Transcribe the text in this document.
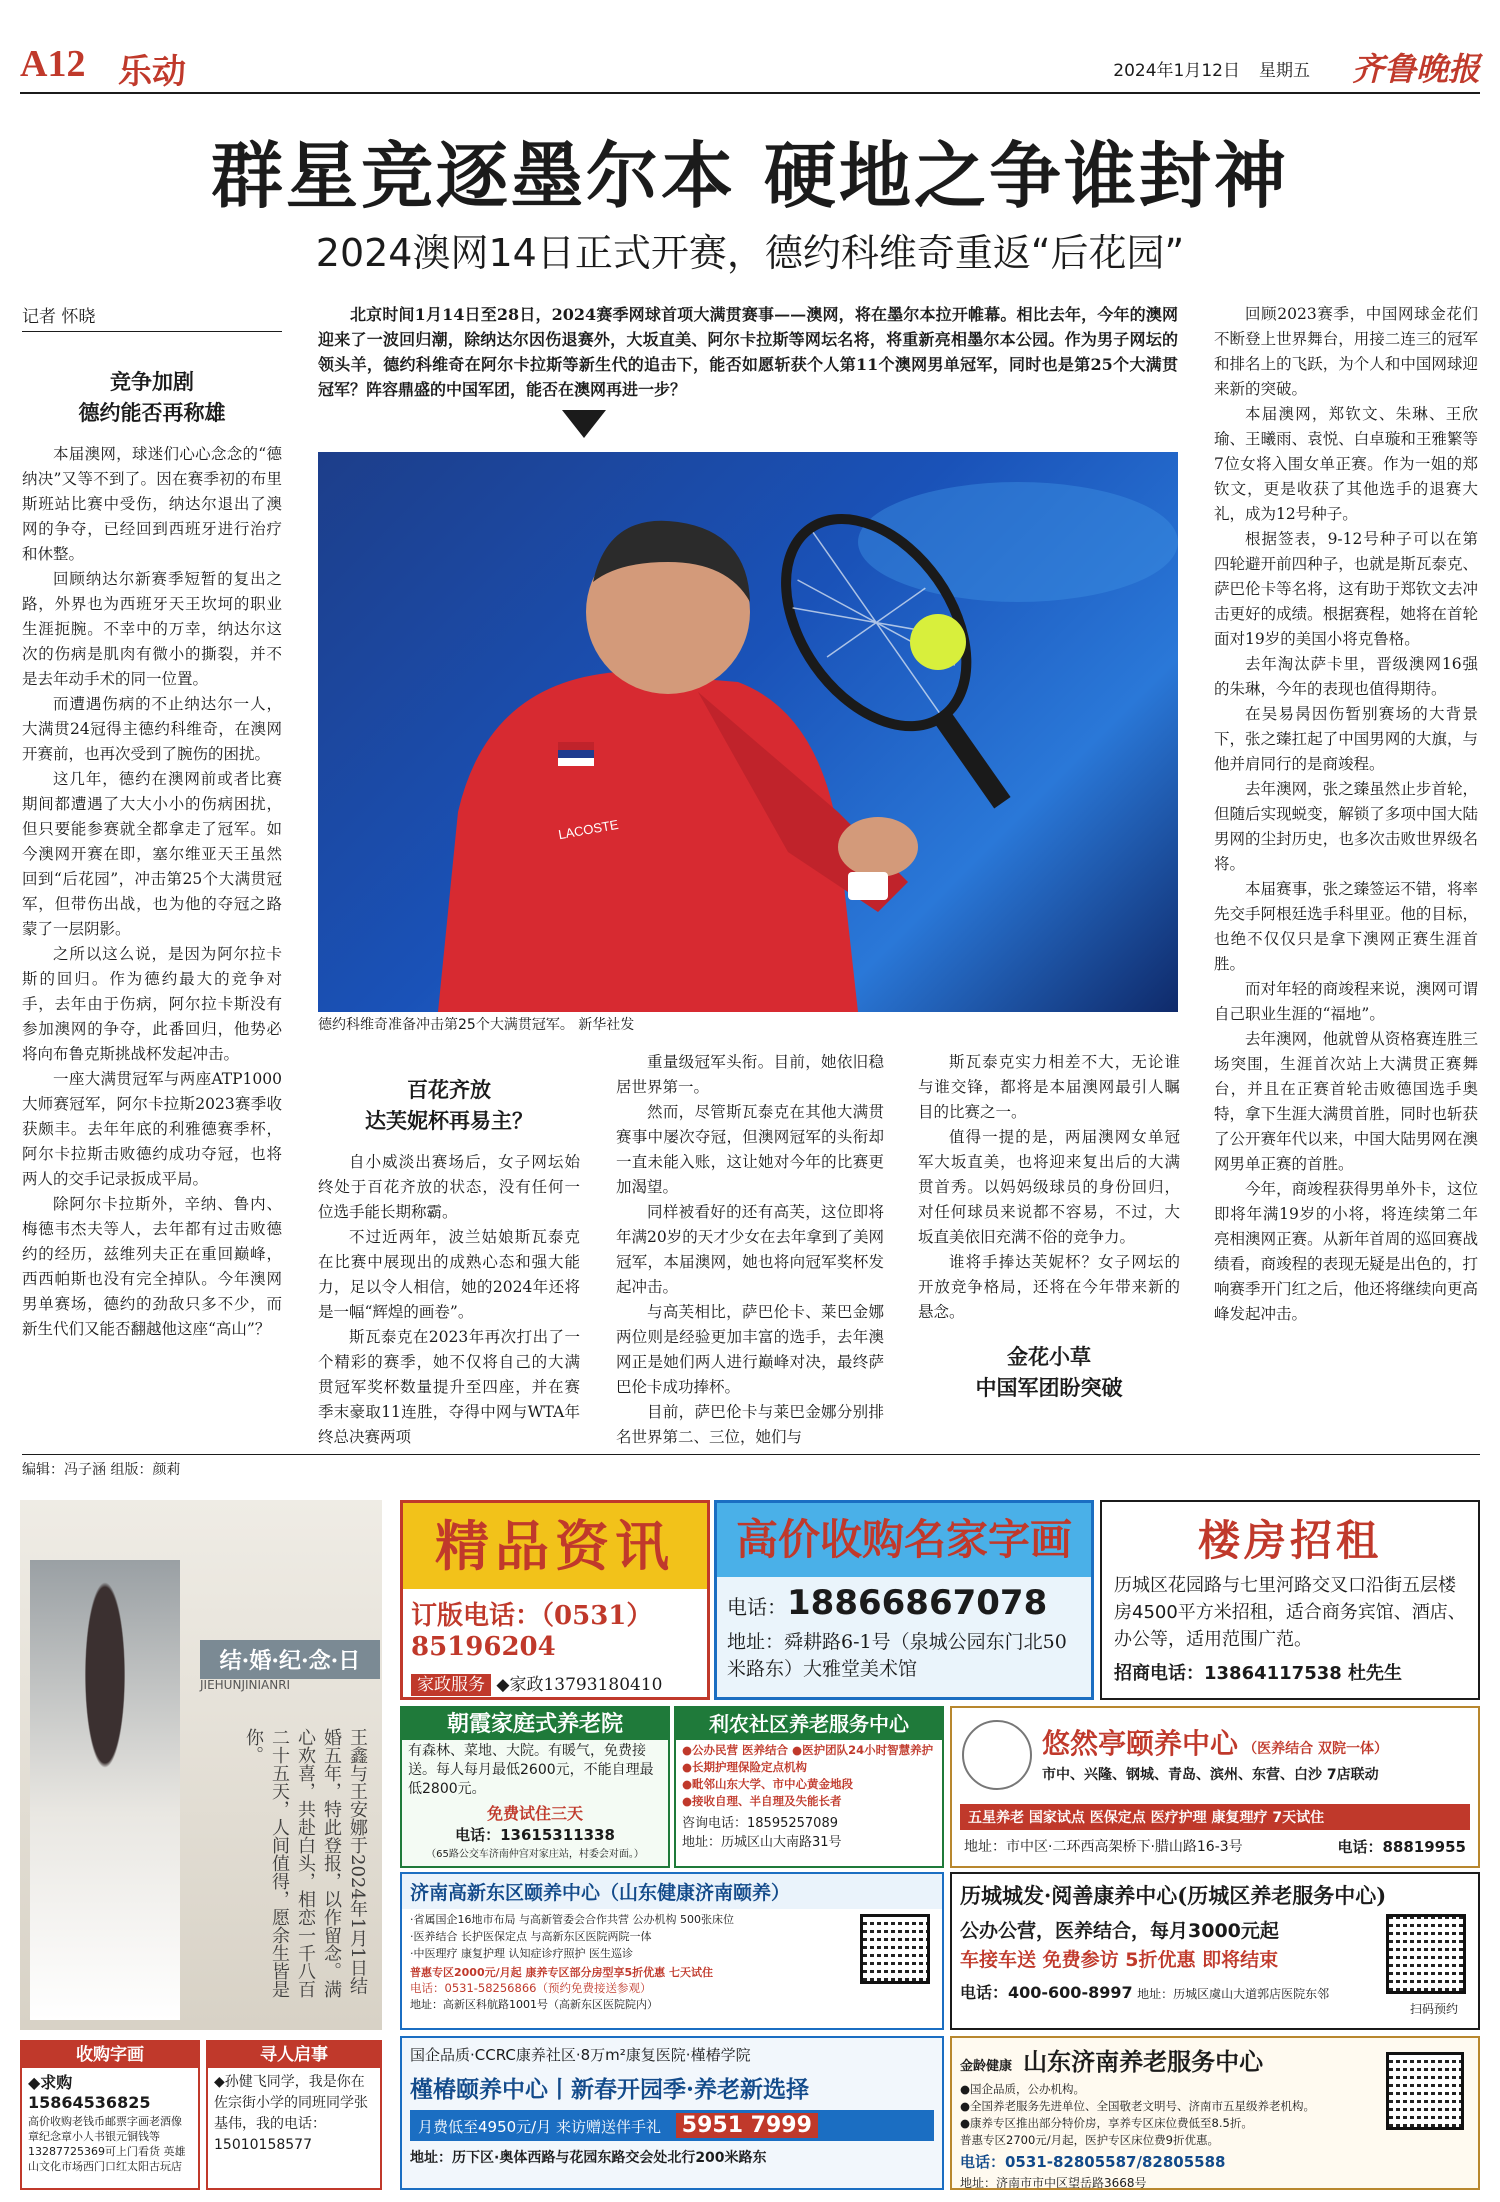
A12 乐动	2024年1月12日 星期五 齐鲁晚报
群星竞逐墨尔本 硬地之争谁封神
2024澳网14日正式开赛，德约科维奇重返“后花园”
记者 怀晓
竞争加剧
德约能否再称雄

本届澳网，球迷们心心念念的“德纳决”又等不到了。因在赛季初的布里斯班站比赛中受伤，纳达尔退出了澳网的争夺，已经回到西班牙进行治疗和休整。

回顾纳达尔新赛季短暂的复出之路，外界也为西班牙天王坎坷的职业生涯扼腕。不幸中的万幸，纳达尔这次的伤病是肌肉有微小的撕裂，并不是去年动手术的同一位置。

而遭遇伤病的不止纳达尔一人，大满贯24冠得主德约科维奇，在澳网开赛前，也再次受到了腕伤的困扰。

这几年，德约在澳网前或者比赛期间都遭遇了大大小小的伤病困扰，但只要能参赛就全都拿走了冠军。如今澳网开赛在即，塞尔维亚天王虽然回到“后花园”，冲击第25个大满贯冠军，但带伤出战，也为他的夺冠之路蒙了一层阴影。

之所以这么说，是因为阿尔拉卡斯的回归。作为德约最大的竞争对手，去年由于伤病，阿尔拉卡斯没有参加澳网的争夺，此番回归，他势必将向布鲁克斯挑战杯发起冲击。

一座大满贯冠军与两座ATP1000大师赛冠军，阿尔卡拉斯2023赛季收获颇丰。去年年底的利雅德赛季杯，阿尔卡拉斯击败德约成功夺冠，也将两人的交手记录扳成平局。

除阿尔卡拉斯外，辛纳、鲁内、梅德韦杰夫等人，去年都有过击败德约的经历，兹维列夫正在重回巅峰，西西帕斯也没有完全掉队。今年澳网男单赛场，德约的劲敌只多不少，而新生代们又能否翻越他这座“高山”？

北京时间1月14日至28日，2024赛季网球首项大满贯赛事——澳网，将在墨尔本拉开帷幕。相比去年，今年的澳网迎来了一波回归潮，除纳达尔因伤退赛外，大坂直美、阿尔卡拉斯等网坛名将，将重新亮相墨尔本公园。作为男子网坛的领头羊，德约科维奇在阿尔卡拉斯等新生代的追击下，能否如愿斩获个人第11个澳网男单冠军，同时也是第25个大满贯冠军？阵容鼎盛的中国军团，能否在澳网再进一步？

LACOSTE
德约科维奇准备冲击第25个大满贯冠军。 新华社发
百花齐放
达芙妮杯再易主？

自小威淡出赛场后，女子网坛始终处于百花齐放的状态，没有任何一位选手能长期称霸。

不过近两年，波兰姑娘斯瓦泰克在比赛中展现出的成熟心态和强大能力，足以令人相信，她的2024年还将是一幅“辉煌的画卷”。

斯瓦泰克在2023年再次打出了一个精彩的赛季，她不仅将自己的大满贯冠军奖杯数量提升至四座，并在赛季末豪取11连胜，夺得中网与WTA年终总决赛两项

重量级冠军头衔。目前，她依旧稳居世界第一。

然而，尽管斯瓦泰克在其他大满贯赛事中屡次夺冠，但澳网冠军的头衔却一直未能入账，这让她对今年的比赛更加渴望。

同样被看好的还有高芙，这位即将年满20岁的天才少女在去年拿到了美网冠军，本届澳网，她也将向冠军奖杯发起冲击。

与高芙相比，萨巴伦卡、莱巴金娜两位则是经验更加丰富的选手，去年澳网正是她们两人进行巅峰对决，最终萨巴伦卡成功捧杯。

目前，萨巴伦卡与莱巴金娜分别排名世界第二、三位，她们与

斯瓦泰克实力相差不大，无论谁与谁交锋，都将是本届澳网最引人瞩目的比赛之一。

值得一提的是，两届澳网女单冠军大坂直美，也将迎来复出后的大满贯首秀。以妈妈级球员的身份回归，对任何球员来说都不容易，不过，大坂直美依旧充满不俗的竞争力。

谁将手捧达芙妮杯？女子网坛的开放竞争格局，还将在今年带来新的悬念。

金花小草
中国军团盼突破

回顾2023赛季，中国网球金花们不断登上世界舞台，用接二连三的冠军和排名上的飞跃，为个人和中国网球迎来新的突破。

本届澳网，郑钦文、朱琳、王欣瑜、王曦雨、袁悦、白卓璇和王雅繁等7位女将入围女单正赛。作为一姐的郑钦文，更是收获了其他选手的退赛大礼，成为12号种子。

根据签表，9-12号种子可以在第四轮避开前四种子，也就是斯瓦泰克、萨巴伦卡等名将，这有助于郑钦文去冲击更好的成绩。根据赛程，她将在首轮面对19岁的美国小将克鲁格。

去年淘汰萨卡里，晋级澳网16强的朱琳，今年的表现也值得期待。

在吴易昺因伤暂别赛场的大背景下，张之臻扛起了中国男网的大旗，与他并肩同行的是商竣程。

去年澳网，张之臻虽然止步首轮，但随后实现蜕变，解锁了多项中国大陆男网的尘封历史，也多次击败世界级名将。

本届赛事，张之臻签运不错，将率先交手阿根廷选手科里亚。他的目标，也绝不仅仅只是拿下澳网正赛生涯首胜。

而对年轻的商竣程来说，澳网可谓自己职业生涯的“福地”。

去年澳网，他就曾从资格赛连胜三场突围，生涯首次站上大满贯正赛舞台，并且在正赛首轮击败德国选手奥特，拿下生涯大满贯首胜，同时也斩获了公开赛年代以来，中国大陆男网在澳网男单正赛的首胜。

今年，商竣程获得男单外卡，这位即将年满19岁的小将，将连续第二年亮相澳网正赛。从新年首周的巡回赛战绩看，商竣程的表现无疑是出色的，打响赛季开门红之后，他还将继续向更高峰发起冲击。

编辑：冯子涵 组版：颜莉
结·婚·纪·念·日
JIEHUNJINIANRI
王鑫与王安娜于2024年1月1日结婚五年，特此登报，以作留念。满心欢喜，共赴白头，相恋一千八百二十五天，人间值得，愿余生皆是你。
精品资讯
订版电话：（0531）85196204
家政服务 ◆家政13793180410
高价收购名家字画
电话：18866867078
地址：舜耕路6-1号（泉城公园东门北50米路东）大雅堂美术馆
楼房招租
历城区花园路与七里河路交叉口沿街五层楼房4500平方米招租，适合商务宾馆、酒店、办公等，适用范围广范。
招商电话：13864117538 杜先生
朝霞家庭式养老院
有森林、菜地、大院。有暖气，免费接送。每人每月最低2600元，不能自理最低2800元。
免费试住三天
电话：13615311338
（65路公交车济南仲宫对家庄站，村委会对面。）
利农社区养老服务中心
●公办民营 医养结合 ●医护团队24小时智慧养护 ●长期护理保险定点机构
●毗邻山东大学、市中心黄金地段
●接收自理、半自理及失能长者
咨询电话：18595257089
地址：历城区山大南路31号
悠然亭颐养中心 （医养结合 双院一体）
市中、兴隆、钢城、青岛、滨州、东营、白沙 7店联动
五星养老 国家试点 医保定点 医疗护理 康复理疗 7天试住
地址：市中区·二环西高架桥下·腊山路16-3号	电话：88819955
济南高新东区颐养中心（山东健康济南颐养）
·省属国企16地市布局 与高新管委会合作共营 公办机构 500张床位
·医养结合 长护医保定点 与高新东区医院两院一体
·中医理疗 康复护理 认知症诊疗照护 医生巡诊
普惠专区2000元/月起 康养专区部分房型享5折优惠 七天试住
电话：0531-58256866（预约免费接送参观）
地址：高新区科航路1001号（高新东区医院院内）
历城城发·阅善康养中心(历城区养老服务中心)
公办公营，医养结合，每月3000元起
车接车送 免费参访 5折优惠 即将结束
电话：400-600-8997 地址：历城区虞山大道郭店医院东邻
扫码预约
收购字画
◆求购15864536825
高价收购老钱币邮票字画老酒像章纪念章小人书银元铜钱等13287725369可上门看货 英雄山文化市场西门口红太阳古玩店
寻人启事
◆孙健飞同学，我是你在佐宗街小学的同班同学张基伟，我的电话：15010158577
国企品质·CCRC康养社区·8万m²康复医院·槿椿学院
槿椿颐养中心丨新春开园季·养老新选择
月费低至4950元/月 来访赠送伴手礼 5951 7999
地址：历下区·奥体西路与花园东路交会处北行200米路东
金龄健康 山东济南养老服务中心
●国企品质，公办机构。
●全国养老服务先进单位、全国敬老文明号、济南市五星级养老机构。
●康养专区推出部分特价房，享养专区床位费低至8.5折。
普惠专区2700元/月起，医护专区床位费9折优惠。
电话：0531-82805587/82805588
地址：济南市市中区望岳路3668号
